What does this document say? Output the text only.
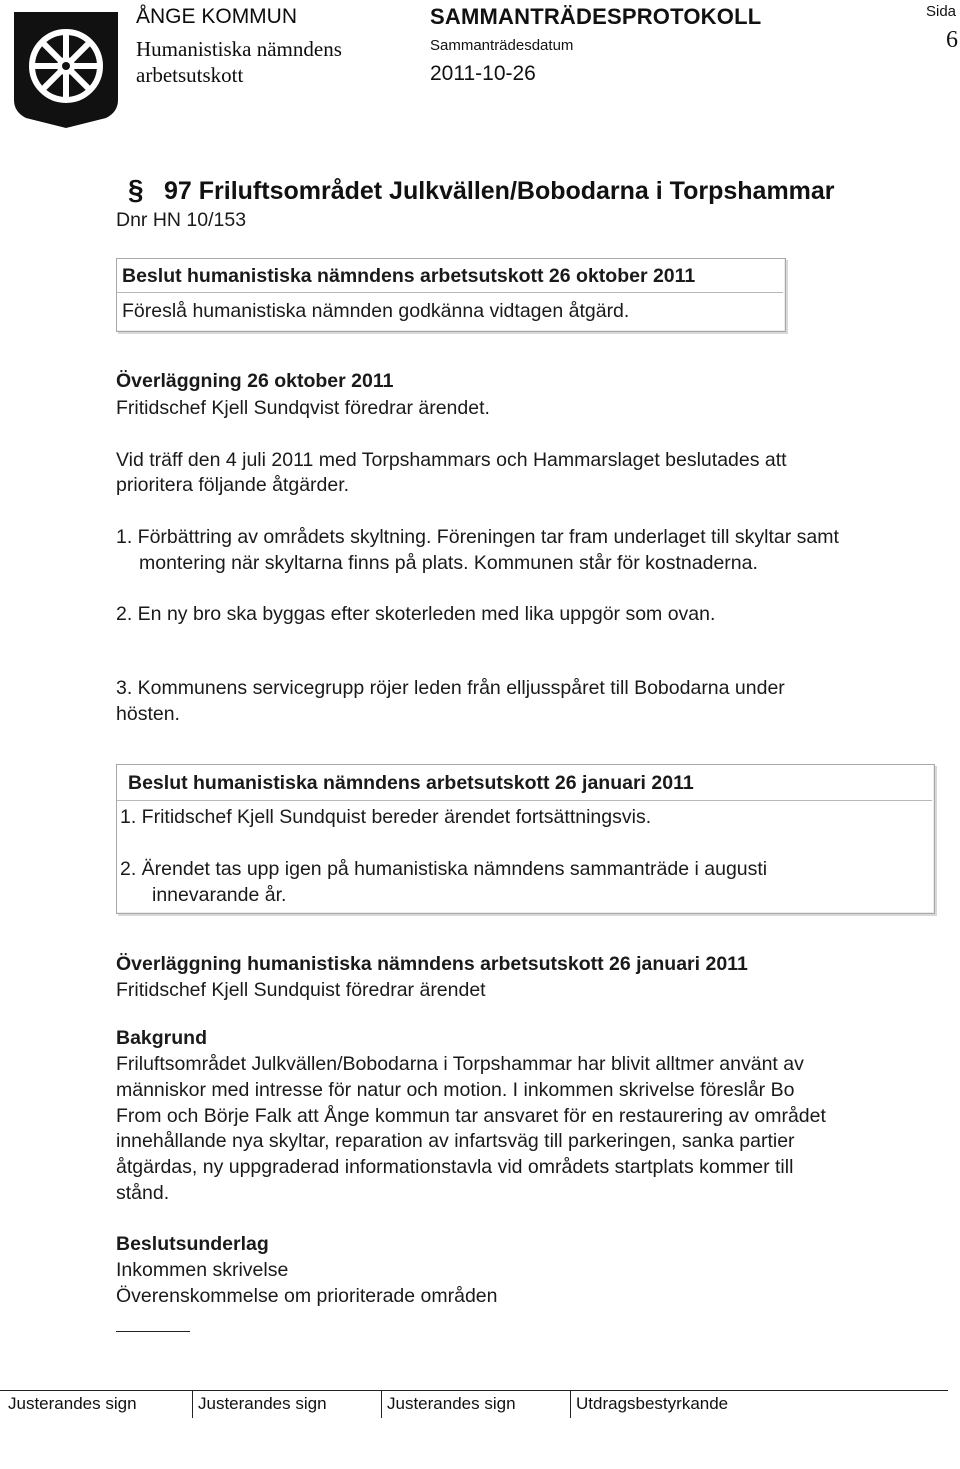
ÅNGE KOMMUN
Humanistiska nämndens
arbetsutskott
SAMMANTRÄDESPROTOKOLL
Sammanträdesdatum
2011-10-26
Sida
6
§ 97 Friluftsområdet Julkvällen/Bobodarna i Torpshammar
Dnr HN 10/153
Beslut humanistiska nämndens arbetsutskott 26 oktober 2011
Föreslå humanistiska nämnden godkänna vidtagen åtgärd.
Överläggning 26 oktober 2011
Fritidschef Kjell Sundqvist föredrar ärendet.
Vid träff den 4 juli 2011 med Torpshammars och Hammarslaget beslutades att
prioritera följande åtgärder.
1. Förbättring av områdets skyltning. Föreningen tar fram underlaget till skyltar samt
montering när skyltarna finns på plats. Kommunen står för kostnaderna.
2. En ny bro ska byggas efter skoterleden med lika uppgör som ovan.
3. Kommunens servicegrupp röjer leden från elljusspåret till Bobodarna under
hösten.
Beslut humanistiska nämndens arbetsutskott 26 januari 2011
1. Fritidschef Kjell Sundquist bereder ärendet fortsättningsvis.
2. Ärendet tas upp igen på humanistiska nämndens sammanträde i augusti
innevarande år.
Överläggning humanistiska nämndens arbetsutskott 26 januari 2011
Fritidschef Kjell Sundquist föredrar ärendet
Bakgrund
Friluftsområdet Julkvällen/Bobodarna i Torpshammar har blivit alltmer använt av
människor med intresse för natur och motion. I inkommen skrivelse föreslår Bo
From och Börje Falk att Ånge kommun tar ansvaret för en restaurering av området
innehållande nya skyltar, reparation av infartsväg till parkeringen, sanka partier
åtgärdas, ny uppgraderad informationstavla vid områdets startplats kommer till
stånd.
Beslutsunderlag
Inkommen skrivelse
Överenskommelse om prioriterade områden
Justerandes sign	Justerandes sign	Justerandes sign	Utdragsbestyrkande
